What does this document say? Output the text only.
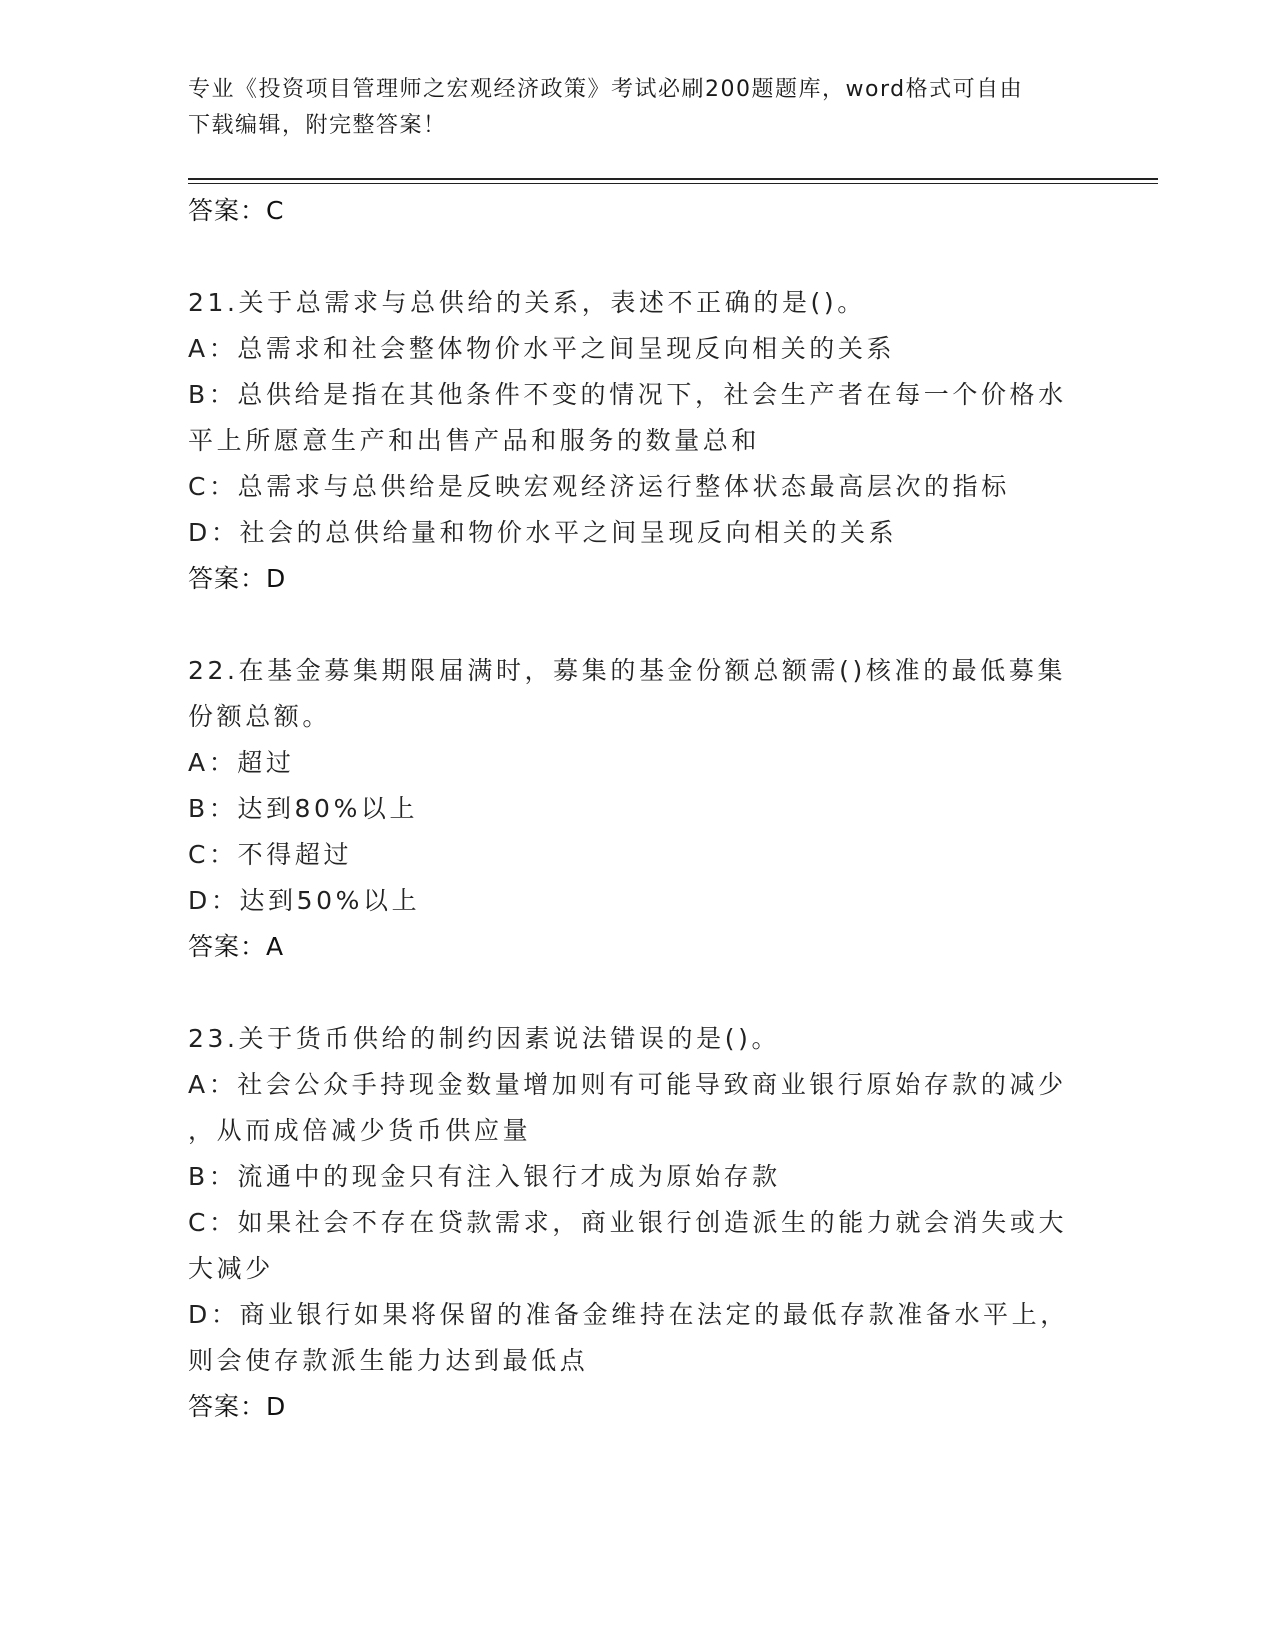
专业《投资项目管理师之宏观经济政策》考试必刷200题题库，word格式可自由
下载编辑，附完整答案！
答案：C
21.关于总需求与总供给的关系，表述不正确的是()。
A：总需求和社会整体物价水平之间呈现反向相关的关系
B：总供给是指在其他条件不变的情况下，社会生产者在每一个价格水
平上所愿意生产和出售产品和服务的数量总和
C：总需求与总供给是反映宏观经济运行整体状态最高层次的指标
D：社会的总供给量和物价水平之间呈现反向相关的关系
答案：D
22.在基金募集期限届满时，募集的基金份额总额需()核准的最低募集
份额总额。
A：超过
B：达到80%以上
C：不得超过
D：达到50%以上
答案：A
23.关于货币供给的制约因素说法错误的是()。
A：社会公众手持现金数量增加则有可能导致商业银行原始存款的减少
，从而成倍减少货币供应量
B：流通中的现金只有注入银行才成为原始存款
C：如果社会不存在贷款需求，商业银行创造派生的能力就会消失或大
大减少
D：商业银行如果将保留的准备金维持在法定的最低存款准备水平上，
则会使存款派生能力达到最低点
答案：D
